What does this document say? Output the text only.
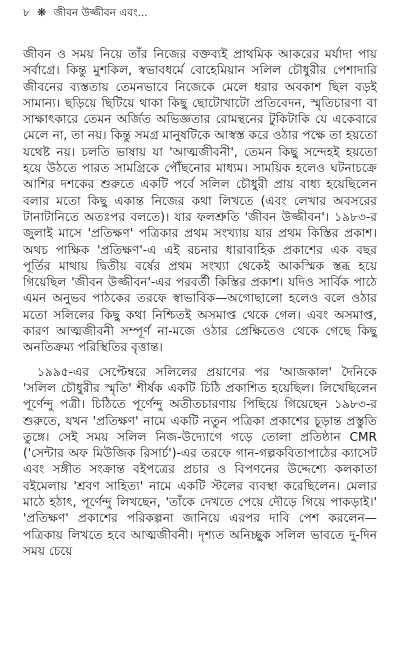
৮ ❋ জীবন উজ্জীবন এবং...

জীবন ও সময় নিয়ে তাঁর নিজের বক্তব্যই প্রাথমিক আকরের মর্যাদা পায় সর্বাগ্রে। কিন্তু মুশকিল, স্বভাবধর্মে বোহেমিয়ান সলিল চৌধুরীর পেশাদারি জীবনের ব্যস্ততায় তেমনভাবে নিজেকে মেলে ধরার অবকাশ ছিল বড়ই সামান্য। ছড়িয়ে ছিটিয়ে থাকা কিছু ছোটোখাটো প্রতিবেদন, স্মৃতিচারণা বা সাক্ষাৎকারে তেমন অর্জিত অভিজ্ঞতার রোমন্থনের টুকিটাকি যে একেবারে মেলে না, তা নয়। কিন্তু সমগ্র মানুষটিকে আস্বস্ত করে ওঠার পক্ষে তা হয়তো যথেষ্ট নয়। চলতি ভাষায় যা 'আত্মজীবনী', তেমন কিছু সন্দেহই হয়তো হয়ে উঠতে পারত সামগ্রিকে পৌঁছনোর মাধ্যম। সাময়িক হলেও ঘটনাচক্রে আশির দশকের শুরুতে একটি পর্বে সলিল চৌধুরী প্রায় বাধ্য হয়েছিলেন বলার মতো কিছু একান্ত নিজের কথা লিখতে (এবং লেখার অবসরের টানাটানিতে অতঃপর বলতে)। যার ফলশ্রুতি 'জীবন উজ্জীবন'। ১৯৮৩-র জুলাই মাসে 'প্রতিক্ষণ' পত্রিকার প্রথম সংখ্যায় যার প্রথম কিস্তির প্রকাশ। অথচ পাক্ষিক 'প্রতিক্ষণ'-এ এই রচনার ধারাবাহিক প্রকাশের এক বছর পূর্তির মাথায় দ্বিতীয় বর্ষের প্রথম সংখ্যা থেকেই আকস্মিক স্তব্ধ হয়ে গিয়েছিল 'জীবন উজ্জীবন'-এর পরবর্তী কিস্তির প্রকাশ। যদিও সার্বিক পাঠে এমন অনুভব পাঠকের তরফে স্বাভাবিক—অগোছালো হলেও বলে ওঠার মতো সলিলের কিছু কথা নিশ্চিতই অসমাপ্ত থেকে গেল। এবং অসমাপ্ত, কারণ আত্মজীবনী সম্পূর্ণ না-মজে ওঠার প্রেক্ষিতেও থেকে গেছে কিছু অনতিক্রম্য পরিস্থিতির বৃত্তান্ত।

১৯৯৫-এর সেপ্টেম্বরে সলিলের প্রয়াণের পর 'আজকাল' দৈনিকে 'সলিল চৌধুরীর স্মৃতি' শীর্ষক একটি চিঠি প্রকাশিত হয়েছিল। লিখেছিলেন পূর্ণেন্দু পত্রী। চিঠিতে পূর্ণেন্দু অতীতচারণায় পিছিয়ে গিয়েছেন ১৯৮৩-র শুরুতে, যখন 'প্রতিক্ষণ' নামে একটি নতুন পত্রিকা প্রকাশের চূড়ান্ত প্রস্তুতি তুঙ্গে। সেই সময় সলিল নিজ-উদ্যোগে গড়ে তোলা প্রতিষ্ঠান CMR ('সেন্টার অফ মিউজিক রিসার্চ')-এর তরফে গান-গল্পকবিতাপাঠের ক্যাসেট এবং সঙ্গীত সংক্রান্ত বইপত্রের প্রচার ও বিপণনের উদ্দেশ্যে কলকাতা বইমেলায় 'শ্রবণ সাহিত্য' নামে একটি স্টলের ব্যবস্থা করেছিলেন। মেলার মাঠে হঠাৎ, পূর্ণেন্দু লিখছেন, 'তাঁকে দেখতে পেয়ে দৌড়ে গিয়ে পাকড়াই।' 'প্রতিক্ষণ' প্রকাশের পরিকল্পনা জানিয়ে এরপর দাবি পেশ করলেন—পত্রিকায় লিখতে হবে আত্মজীবনী। দৃশ্যত অনিচ্ছুক সলিল ভাবতে দু-দিন সময় চেয়ে
